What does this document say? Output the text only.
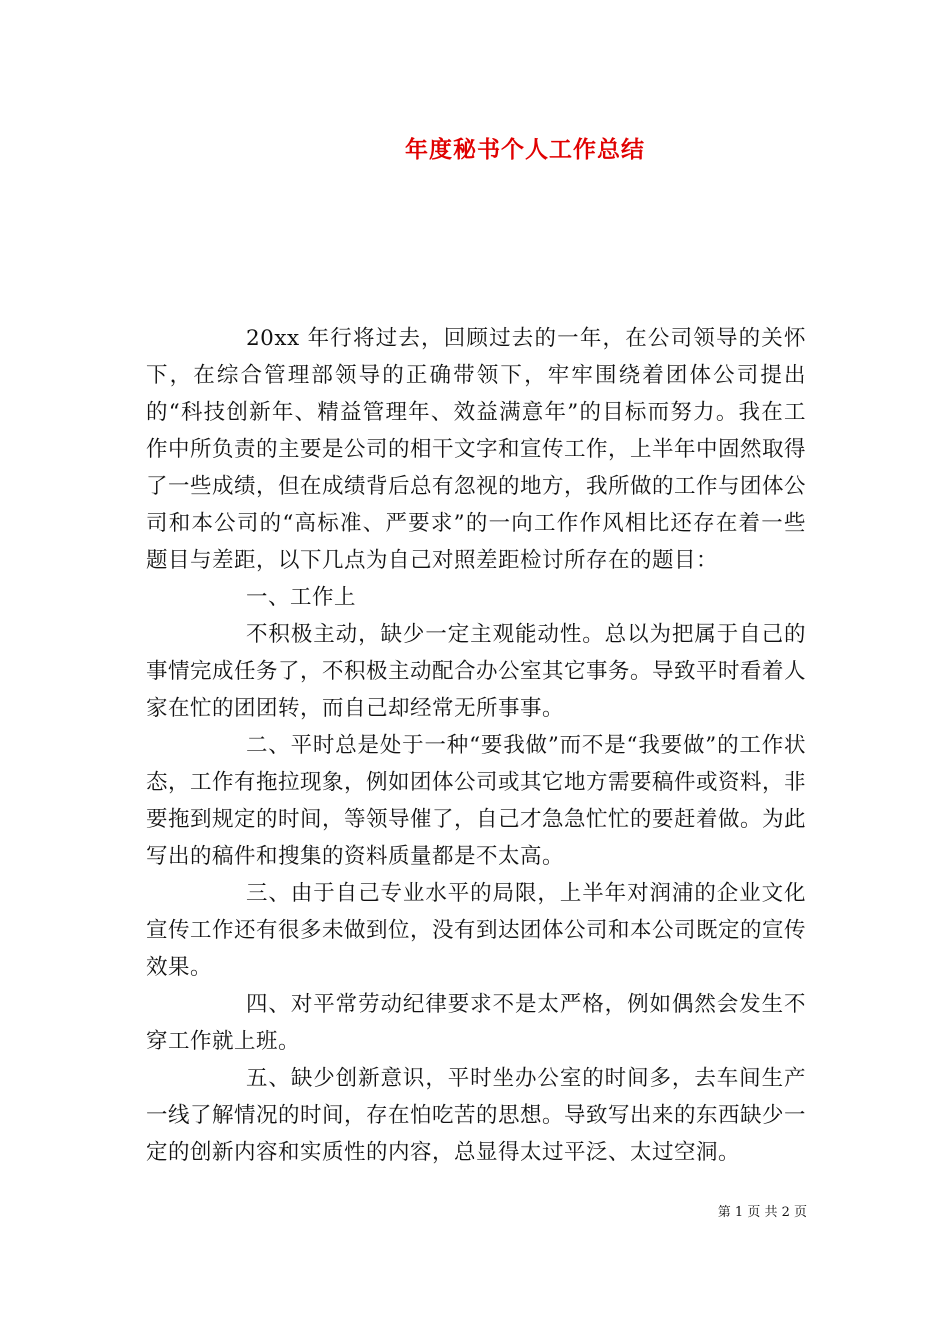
年度秘书个人工作总结

20xx 年行将过去，回顾过去的一年，在公司领导的关怀下，在综合管理部领导的正确带领下，牢牢围绕着团体公司提出的“科技创新年、精益管理年、效益满意年”的目标而努力。我在工作中所负责的主要是公司的相干文字和宣传工作，上半年中固然取得了一些成绩，但在成绩背后总有忽视的地方，我所做的工作与团体公司和本公司的“高标准、严要求”的一向工作作风相比还存在着一些题目与差距，以下几点为自己对照差距检讨所存在的题目：

一、工作上

不积极主动，缺少一定主观能动性。总以为把属于自己的事情完成任务了，不积极主动配合办公室其它事务。导致平时看着人家在忙的团团转，而自己却经常无所事事。

二、平时总是处于一种“要我做”而不是“我要做”的工作状态，工作有拖拉现象，例如团体公司或其它地方需要稿件或资料，非要拖到规定的时间，等领导催了，自己才急急忙忙的要赶着做。为此写出的稿件和搜集的资料质量都是不太高。

三、由于自己专业水平的局限，上半年对润浦的企业文化宣传工作还有很多未做到位，没有到达团体公司和本公司既定的宣传效果。

四、对平常劳动纪律要求不是太严格，例如偶然会发生不穿工作就上班。

五、缺少创新意识，平时坐办公室的时间多，去车间生产一线了解情况的时间，存在怕吃苦的思想。导致写出来的东西缺少一定的创新内容和实质性的内容，总显得太过平泛、太过空洞。

第 1 页 共 2 页
